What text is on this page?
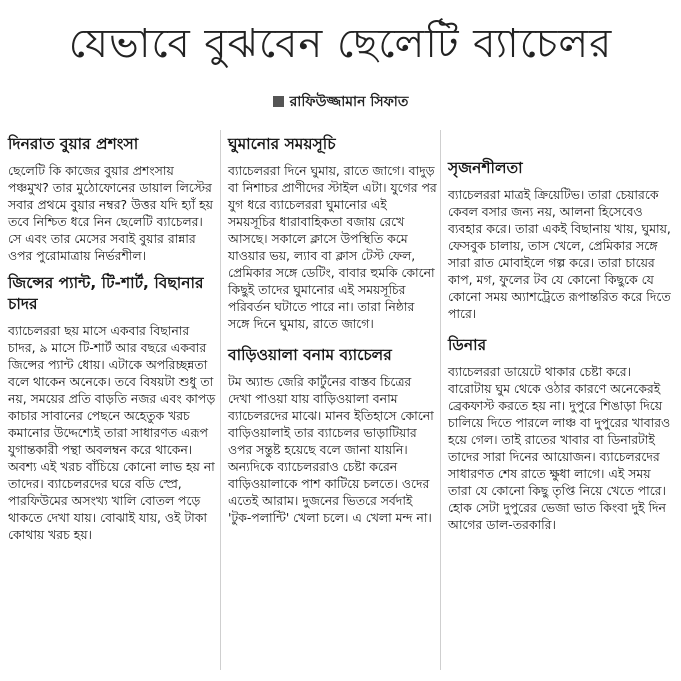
যেভাবে বুঝবেন ছেলেটি ব্যাচেলর
রাফিউজ্জামান সিফাত
দিনরাত বুয়ার প্রশংসা

ছেলেটি কি কাজের বুয়ার প্রশংসায় পঞ্চমুখ? তার মুঠোফোনের ডায়াল লিস্টের সবার প্রথমে বুয়ার নম্বর? উত্তর যদি হ্যাঁ হয় তবে নিশ্চিত ধরে নিন ছেলেটি ব্যাচেলর। সে এবং তার মেসের সবাই বুয়ার রান্নার ওপর পুরোমাত্রায় নির্ভরশীল।

জিন্সের প্যান্ট, টি-শার্ট, বিছানার চাদর

ব্যাচেলররা ছয় মাসে একবার বিছানার চাদর, ৯ মাসে টি-শার্ট আর বছরে একবার জিন্সের প্যান্ট ধোয়। এটাকে অপরিচ্ছন্নতা বলে থাকেন অনেকে। তবে বিষয়টা শুধু তা নয়, সময়ের প্রতি বাড়তি নজর এবং কাপড় কাচার সাবানের পেছনে অহেতুক খরচ কমানোর উদ্দেশ্যেই তারা সাধারণত এরূপ যুগান্তকারী পন্থা অবলম্বন করে থাকেন। অবশ্য এই খরচ বাঁচিয়ে কোনো লাভ হয় না তাদের। ব্যাচেলরদের ঘরে বডি স্প্রে, পারফিউমের অসংখ্য খালি বোতল পড়ে থাকতে দেখা যায়। বোঝাই যায়, ওই টাকা কোথায় খরচ হয়।

ঘুমানোর সময়সূচি

ব্যাচেলররা দিনে ঘুমায়, রাতে জাগে। বাদুড় বা নিশাচর প্রাণীদের স্টাইল এটা। যুগের পর যুগ ধরে ব্যাচেলররা ঘুমানোর এই সময়সূচির ধারাবাহিকতা বজায় রেখে আসছে। সকালে ক্লাসে উপস্থিতি কমে যাওয়ার ভয়, ল্যাব বা ক্লাস টেস্ট ফেল, প্রেমিকার সঙ্গে ডেটিং, বাবার হুমকি কোনো কিছুই তাদের ঘুমানোর এই সময়সূচির পরিবর্তন ঘটাতে পারে না। তারা নিষ্ঠার সঙ্গে দিনে ঘুমায়, রাতে জাগে।

বাড়িওয়ালা বনাম ব্যাচেলর

টম অ্যান্ড জেরি কার্টুনের বাস্তব চিত্রের দেখা পাওয়া যায় বাড়িওয়ালা বনাম ব্যাচেলরদের মাঝে। মানব ইতিহাসে কোনো বাড়িওয়ালাই তার ব্যাচেলর ভাড়াটিয়ার ওপর সন্তুষ্ট হয়েছে বলে জানা যায়নি। অন্যদিকে ব্যাচেলররাও চেষ্টা করেন বাড়িওয়ালাকে পাশ কাটিয়ে চলতে। ওদের এতেই আরাম। দুজনের ভিতরে সর্বদাই 'টুক-পলান্টি' খেলা চলে। এ খেলা মন্দ না।

সৃজনশীলতা

ব্যাচেলররা মাত্রই ক্রিয়েটিভ। তারা চেয়ারকে কেবল বসার জন্য নয়, আলনা হিসেবেও ব্যবহার করে। তারা একই বিছানায় খায়, ঘুমায়, ফেসবুক চালায়, তাস খেলে, প্রেমিকার সঙ্গে সারা রাত মোবাইলে গল্প করে। তারা চায়ের কাপ, মগ, ফুলের টব যে কোনো কিছুকে যে কোনো সময় অ্যাশট্রেতে রূপান্তরিত করে দিতে পারে।

ডিনার

ব্যাচেলররা ডায়েটে থাকার চেষ্টা করে। বারোটায় ঘুম থেকে ওঠার কারণে অনেকেরই ব্রেকফাস্ট করতে হয় না। দুপুরে শিঙাড়া দিয়ে চালিয়ে দিতে পারলে লাঞ্চ বা দুপুরের খাবারও হয়ে গেল। তাই রাতের খাবার বা ডিনারটাই তাদের সারা দিনের আয়োজন। ব্যাচেলরদের সাধারণত শেষ রাতে ক্ষুধা লাগে। এই সময় তারা যে কোনো কিছু তৃপ্তি নিয়ে খেতে পারে। হোক সেটা দুপুরের ভেজা ভাত কিংবা দুই দিন আগের ডাল-তরকারি।
